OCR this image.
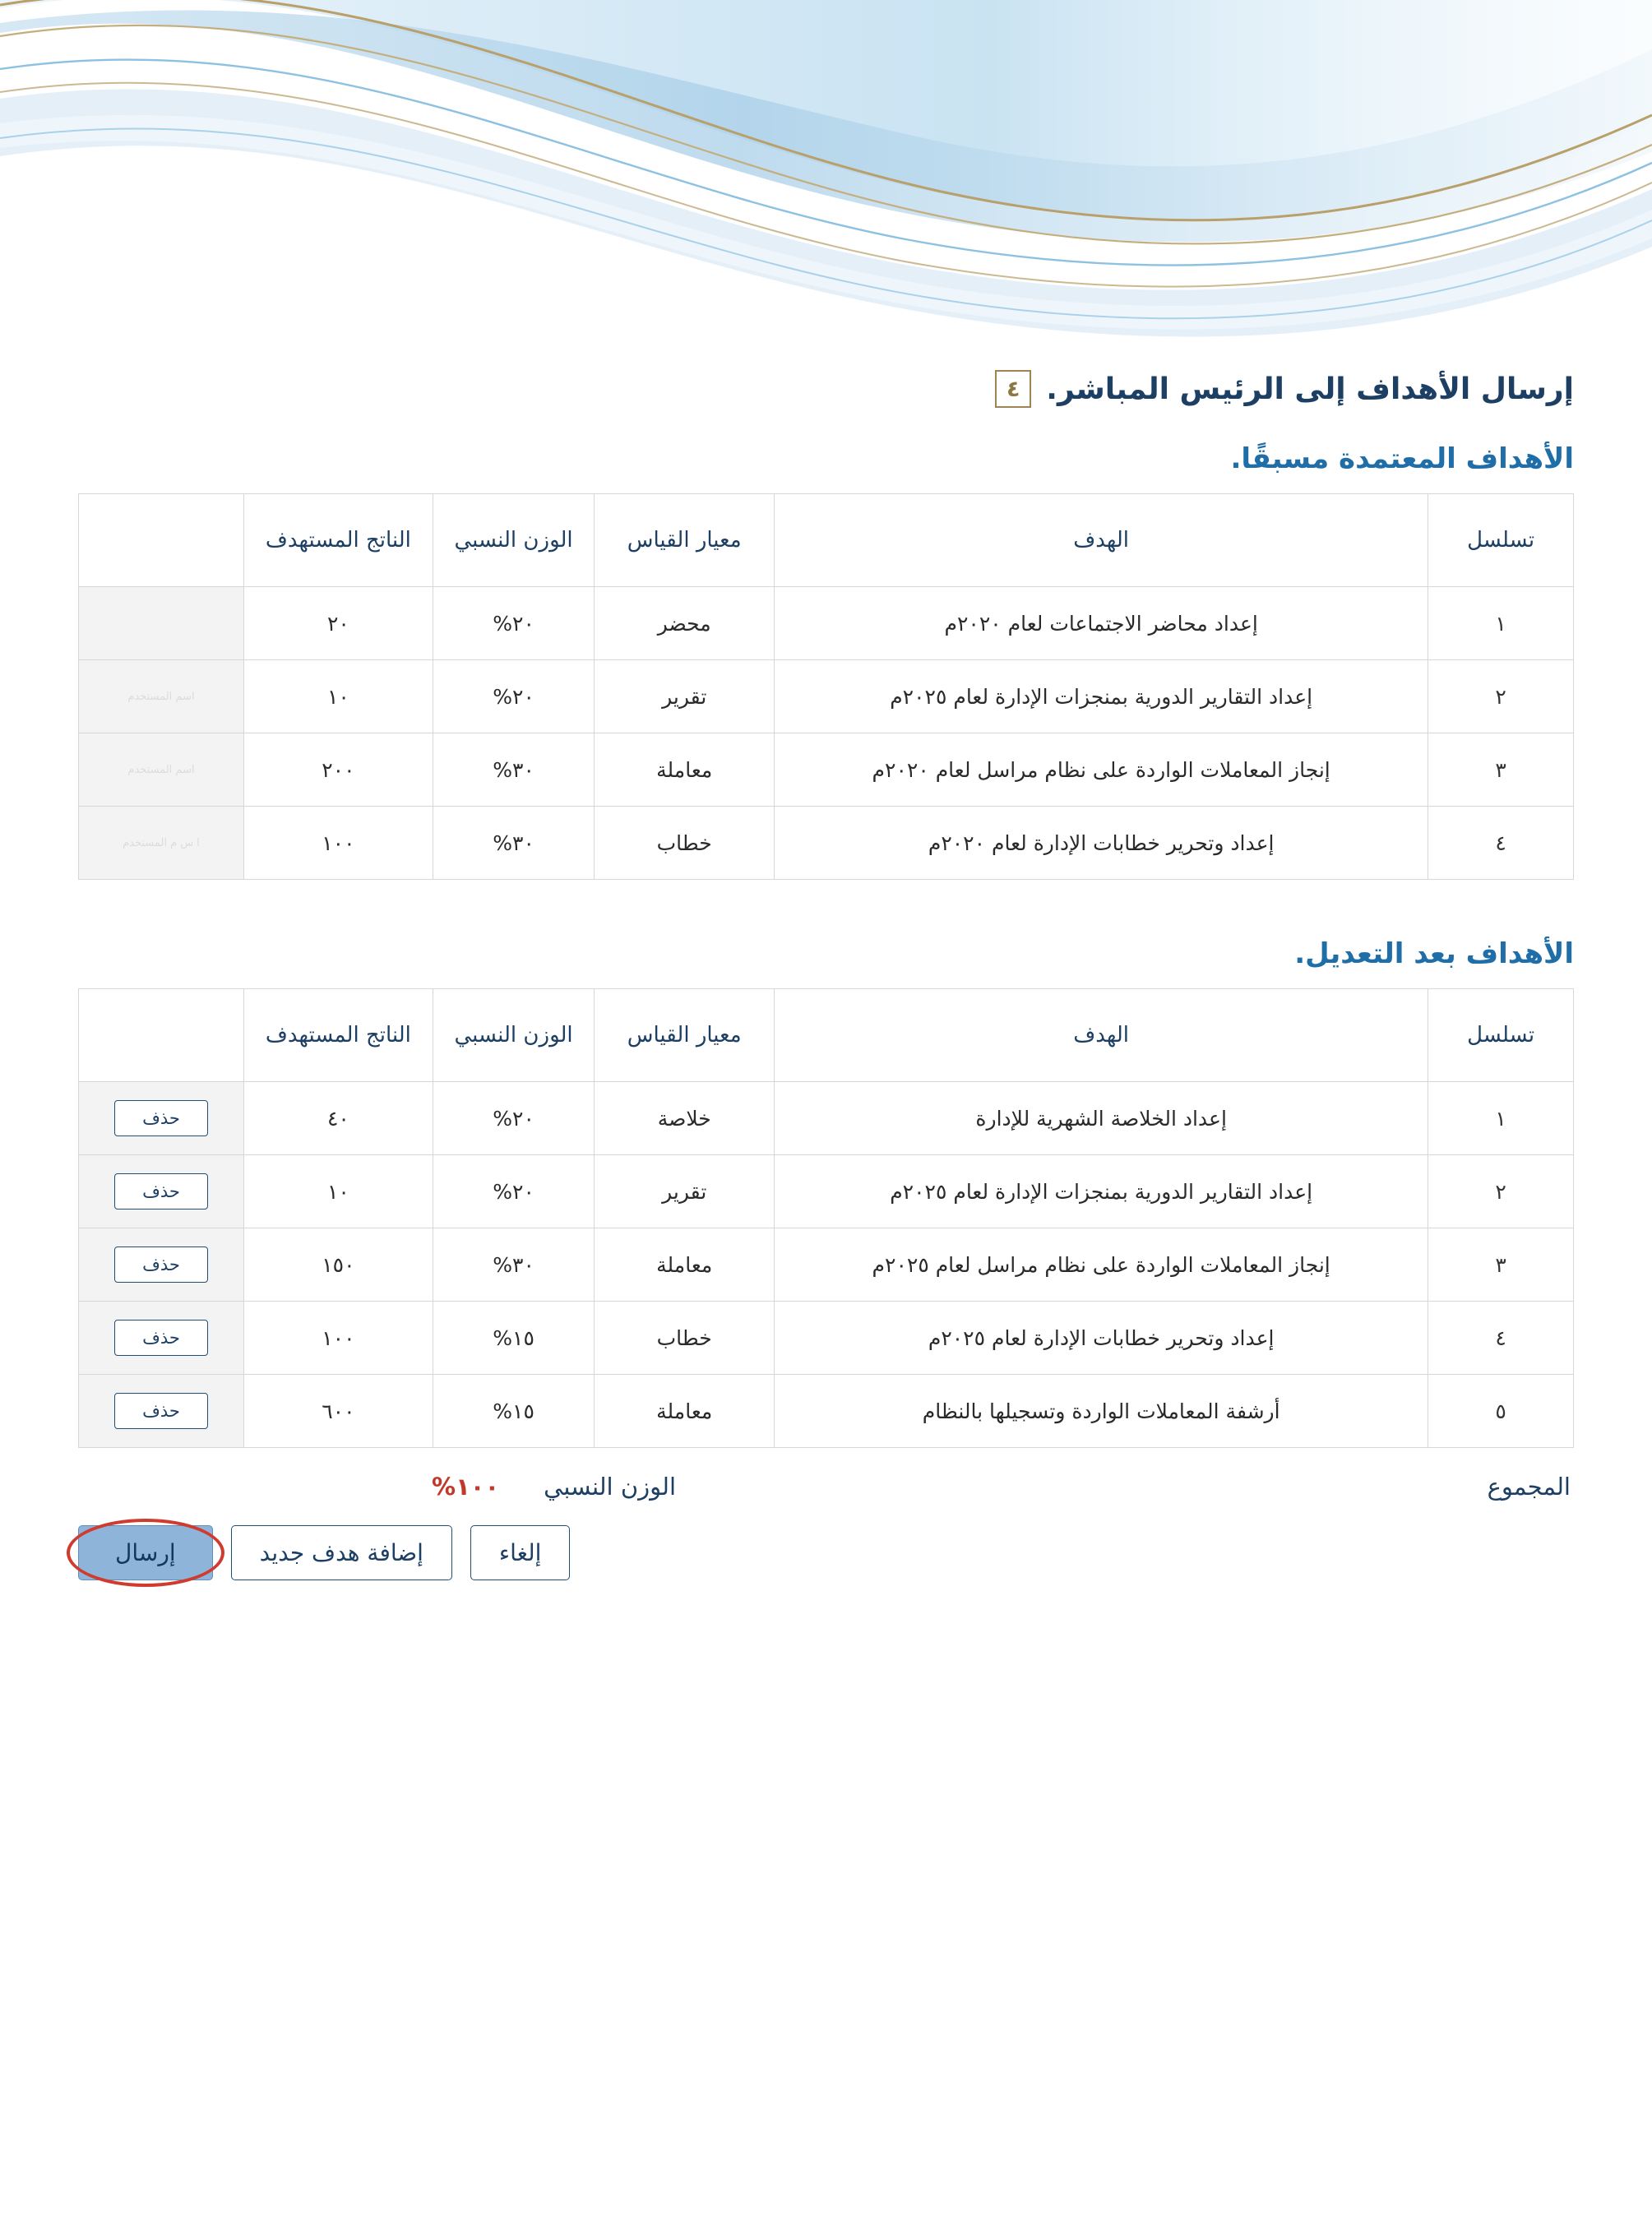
إرسال الأهداف إلى الرئيس المباشر.
٤
الأهداف المعتمدة مسبقًا.
تسلسل	الهدف	معيار القياس	الوزن النسبي	الناتج المستهدف	
١	إعداد محاضر الاجتماعات لعام ٢٠٢٠م	محضر	٢٠%	٢٠	
٢	إعداد التقارير الدورية بمنجزات الإدارة لعام ٢٠٢٥م	تقرير	٢٠%	١٠	اسم المستخدم
٣	إنجاز المعاملات الواردة على نظام مراسل لعام ٢٠٢٠م	معاملة	٣٠%	٢٠٠	اسم المستخدم
٤	إعداد وتحرير خطابات الإدارة لعام ٢٠٢٠م	خطاب	٣٠%	١٠٠	ا س م المستخدم
الأهداف بعد التعديل.
تسلسل	الهدف	معيار القياس	الوزن النسبي	الناتج المستهدف	
١	إعداد الخلاصة الشهرية للإدارة	خلاصة	٢٠%	٤٠	حذف
٢	إعداد التقارير الدورية بمنجزات الإدارة لعام ٢٠٢٥م	تقرير	٢٠%	١٠	حذف
٣	إنجاز المعاملات الواردة على نظام مراسل لعام ٢٠٢٥م	معاملة	٣٠%	١٥٠	حذف
٤	إعداد وتحرير خطابات الإدارة لعام ٢٠٢٥م	خطاب	١٥%	١٠٠	حذف
٥	أرشفة المعاملات الواردة وتسجيلها بالنظام	معاملة	١٥%	٦٠٠	حذف
المجموع
الوزن النسبي
١٠٠%
إلغاء
إضافة هدف جديد
إرسال
